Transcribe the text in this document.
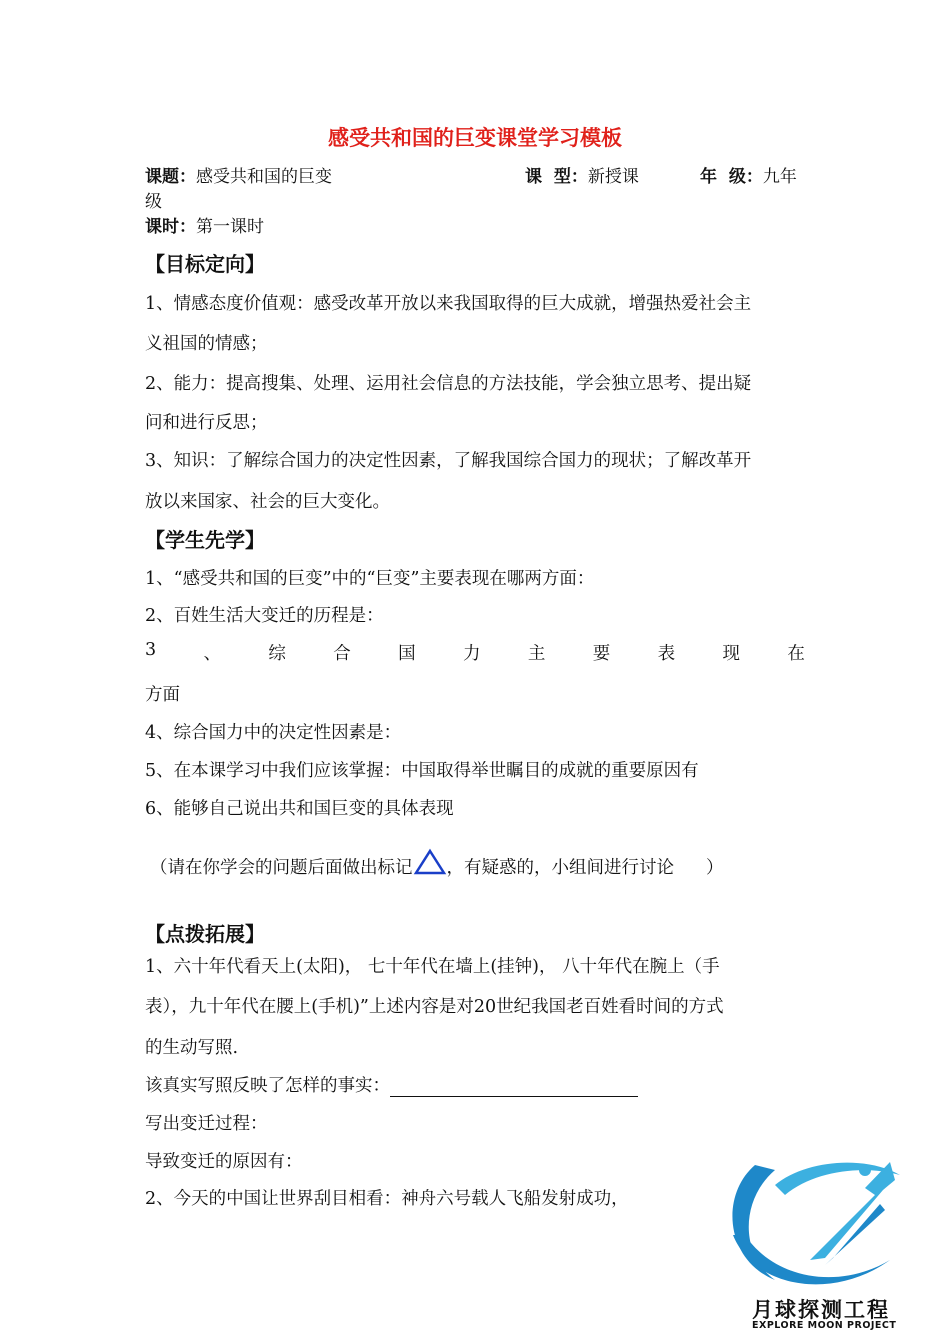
感受共和国的巨变课堂学习模板
课题：感受共和国的巨变	课  型：新授课	年  级：九年
级
课时：第一课时
【目标定向】
1、情感态度价值观：感受改革开放以来我国取得的巨大成就，增强热爱社会主
义祖国的情感；
2、能力：提高搜集、处理、运用社会信息的方法技能，学会独立思考、提出疑
问和进行反思；
3、知识：了解综合国力的决定性因素，了解我国综合国力的现状；了解改革开
放以来国家、社会的巨大变化。
【学生先学】
1、“感受共和国的巨变”中的“巨变”主要表现在哪两方面：
2、百姓生活大变迁的历程是：
3	、	综	合	国	力	主	要	表	现	在
方面
4、综合国力中的决定性因素是：
5、在本课学习中我们应该掌握：中国取得举世瞩目的成就的重要原因有
6、能够自己说出共和国巨变的具体表现
（请在你学会的问题后面做出标记 ，有疑惑的，小组间进行讨论 ）
【点拨拓展】
1、六十年代看天上(太阳)， 七十年代在墙上(挂钟)， 八十年代在腕上（手
表），九十年代在腰上(手机)”上述内容是对20世纪我国老百姓看时间的方式
的生动写照.
该真实写照反映了怎样的事实：
写出变迁过程：
导致变迁的原因有：
2、今天的中国让世界刮目相看：神舟六号载人飞船发射成功，
月球探测工程
EXPLORE MOON PROJECT
